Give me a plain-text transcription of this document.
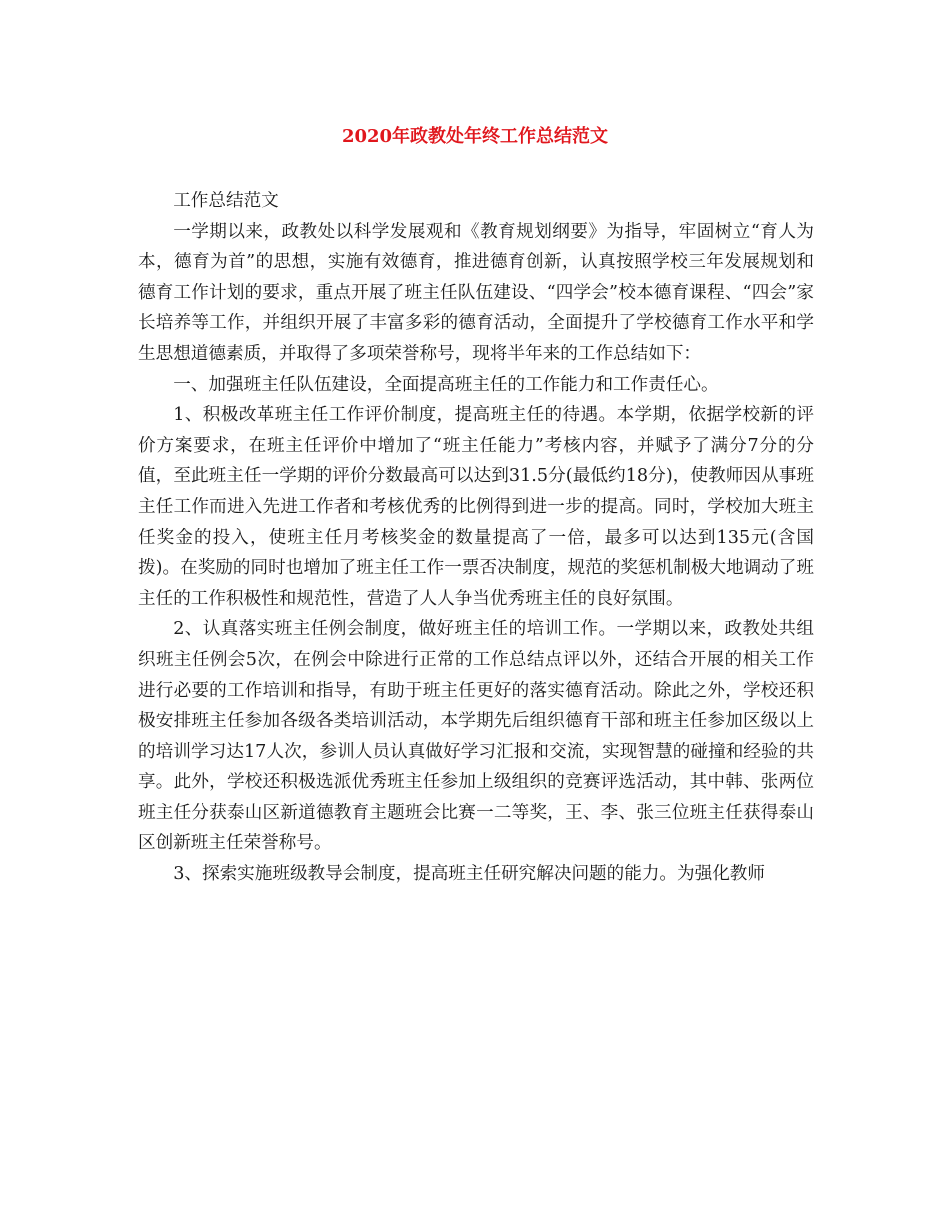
2020年政教处年终工作总结范文

工作总结范文

一学期以来，政教处以科学发展观和《教育规划纲要》为指导，牢固树立“育人为本，德育为首”的思想，实施有效德育，推进德育创新，认真按照学校三年发展规划和德育工作计划的要求，重点开展了班主任队伍建设、“四学会”校本德育课程、“四会”家长培养等工作，并组织开展了丰富多彩的德育活动，全面提升了学校德育工作水平和学生思想道德素质，并取得了多项荣誉称号，现将半年来的工作总结如下：

一、加强班主任队伍建设，全面提高班主任的工作能力和工作责任心。

1、积极改革班主任工作评价制度，提高班主任的待遇。本学期，依据学校新的评价方案要求，在班主任评价中增加了“班主任能力”考核内容，并赋予了满分7分的分值，至此班主任一学期的评价分数最高可以达到31.5分(最低约18分)，使教师因从事班主任工作而进入先进工作者和考核优秀的比例得到进一步的提高。同时，学校加大班主任奖金的投入，使班主任月考核奖金的数量提高了一倍，最多可以达到135元(含国拨)。在奖励的同时也增加了班主任工作一票否决制度，规范的奖惩机制极大地调动了班主任的工作积极性和规范性，营造了人人争当优秀班主任的良好氛围。

2、认真落实班主任例会制度，做好班主任的培训工作。一学期以来，政教处共组织班主任例会5次，在例会中除进行正常的工作总结点评以外，还结合开展的相关工作进行必要的工作培训和指导，有助于班主任更好的落实德育活动。除此之外，学校还积极安排班主任参加各级各类培训活动，本学期先后组织德育干部和班主任参加区级以上的培训学习达17人次，参训人员认真做好学习汇报和交流，实现智慧的碰撞和经验的共享。此外，学校还积极选派优秀班主任参加上级组织的竞赛评选活动，其中韩、张两位班主任分获泰山区新道德教育主题班会比赛一二等奖，王、李、张三位班主任获得泰山区创新班主任荣誉称号。

3、探索实施班级教导会制度，提高班主任研究解决问题的能力。为强化教师
